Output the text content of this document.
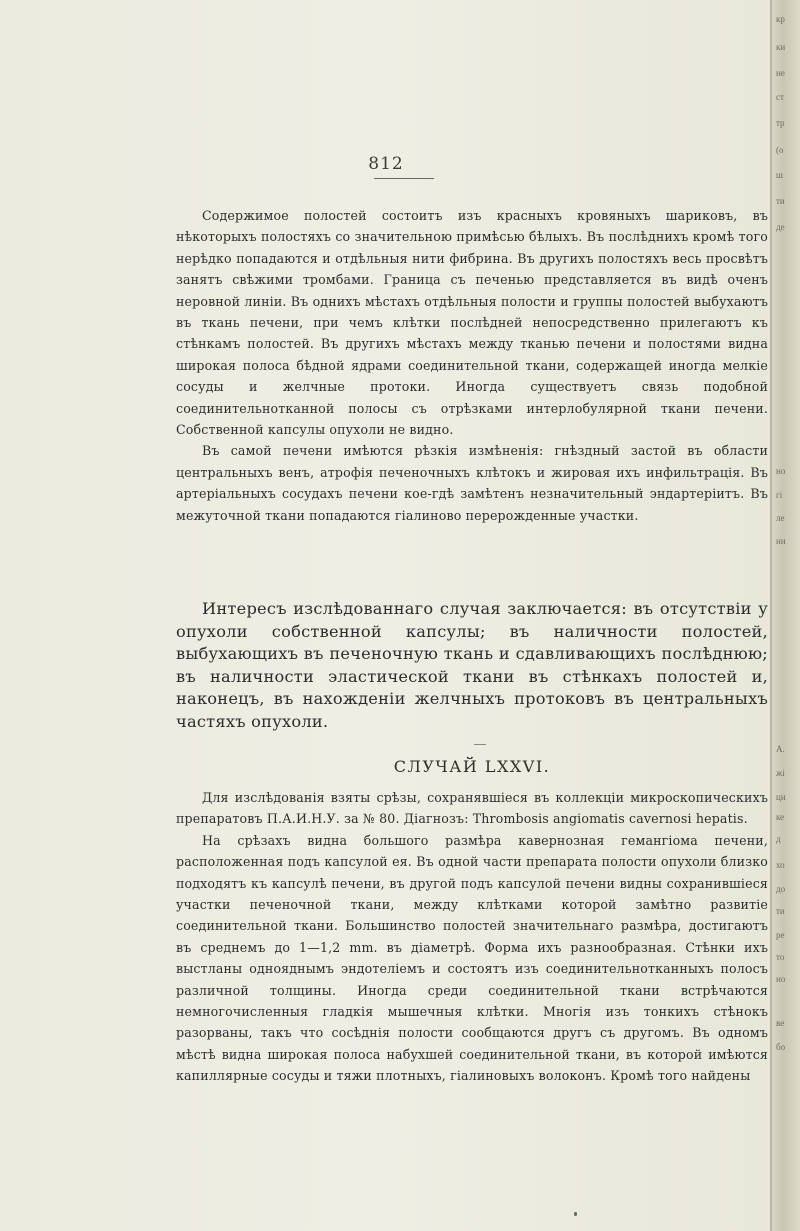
812

Содержимое полостей состоитъ изъ красныхъ кровяныхъ шариковъ, въ нѣкоторыхъ полостяхъ со значительною примѣсью бѣлыхъ. Въ послѣднихъ кромѣ того нерѣдко попадаются и отдѣльныя нити фибрина. Въ другихъ полостяхъ весь просвѣтъ занятъ свѣжими тромбами. Граница съ печенью представляется въ видѣ оченъ неровной линіи. Въ однихъ мѣстахъ отдѣльныя полости и группы полостей выбухаютъ въ ткань печени, при чемъ клѣтки послѣдней непосредственно прилегаютъ къ стѣнкамъ полостей. Въ другихъ мѣстахъ между тканью печени и полостями видна широкая полоса бѣдной ядрами соединительной ткани, содержащей иногда мелкіе сосуды и желчные протоки. Иногда существуетъ связь подобной соединительнотканной полосы съ отрѣзками интерлобулярной ткани печени. Собственной капсулы опухоли не видно.

Въ самой печени имѣются рѣзкія измѣненія: гнѣздный застой въ области центральныхъ венъ, атрофія печеночныхъ клѣтокъ и жировая ихъ инфильтрація. Въ артеріальныхъ сосудахъ печени кое-гдѣ замѣтенъ незначительный эндартеріитъ. Въ межуточной ткани попадаются гіалиново перерожденные участки.

Интересъ изслѣдованнаго случая заключается: въ отсутствіи у опухоли собственной капсулы; въ наличности полостей, выбухающихъ въ печеночную ткань и сдавливающихъ послѣднюю; въ наличности эластической ткани въ стѣнкахъ полостей и, наконецъ, въ нахожденіи желчныхъ протоковъ въ центральныхъ частяхъ опухоли.

СЛУЧАЙ LXXVI.

Для изслѣдованія взяты срѣзы, сохранявшіеся въ коллекціи микроскопическихъ препаратовъ П.А.И.Н.У. за № 80. Діагнозъ: Тһrоmbosis angiomatis cavernosi hepatis.

На срѣзахъ видна большого размѣра кавернозная гемангіома печени, расположенная подъ капсулой ея. Въ одной части препарата полости опухоли близко подходятъ къ капсулѣ печени, въ другой подъ капсулой печени видны сохранившіеся участки печеночной ткани, между клѣтками которой замѣтно развитіе соединительной ткани. Большинство полостей значительнаго размѣра, достигаютъ въ среднемъ до 1—1,2 mm. въ діаметрѣ. Форма ихъ разнообразная. Стѣнки ихъ выстланы однояднымъ эндотеліемъ и состоятъ изъ соединительнотканныхъ полосъ различной толщины. Иногда среди соединительной ткани встрѣчаются немногочисленныя гладкія мышечныя клѣтки. Многія изъ тонкихъ стѣнокъ разорваны, такъ что сосѣднія полости сообщаются другъ съ другомъ. Въ одномъ мѣстѣ видна широкая полоса набухшей соединительной ткани, въ которой имѣются капиллярные сосуды и тяжи плотныхъ, гіалиновыхъ волоконъ. Кромѣ того найдены

кр
ки
не
ст
тр
(о
ш
ти
де
но
гі
ле
нн
А.
жі
ци
ке
д
хо
до
ти
ре
то
но
ве
бо
